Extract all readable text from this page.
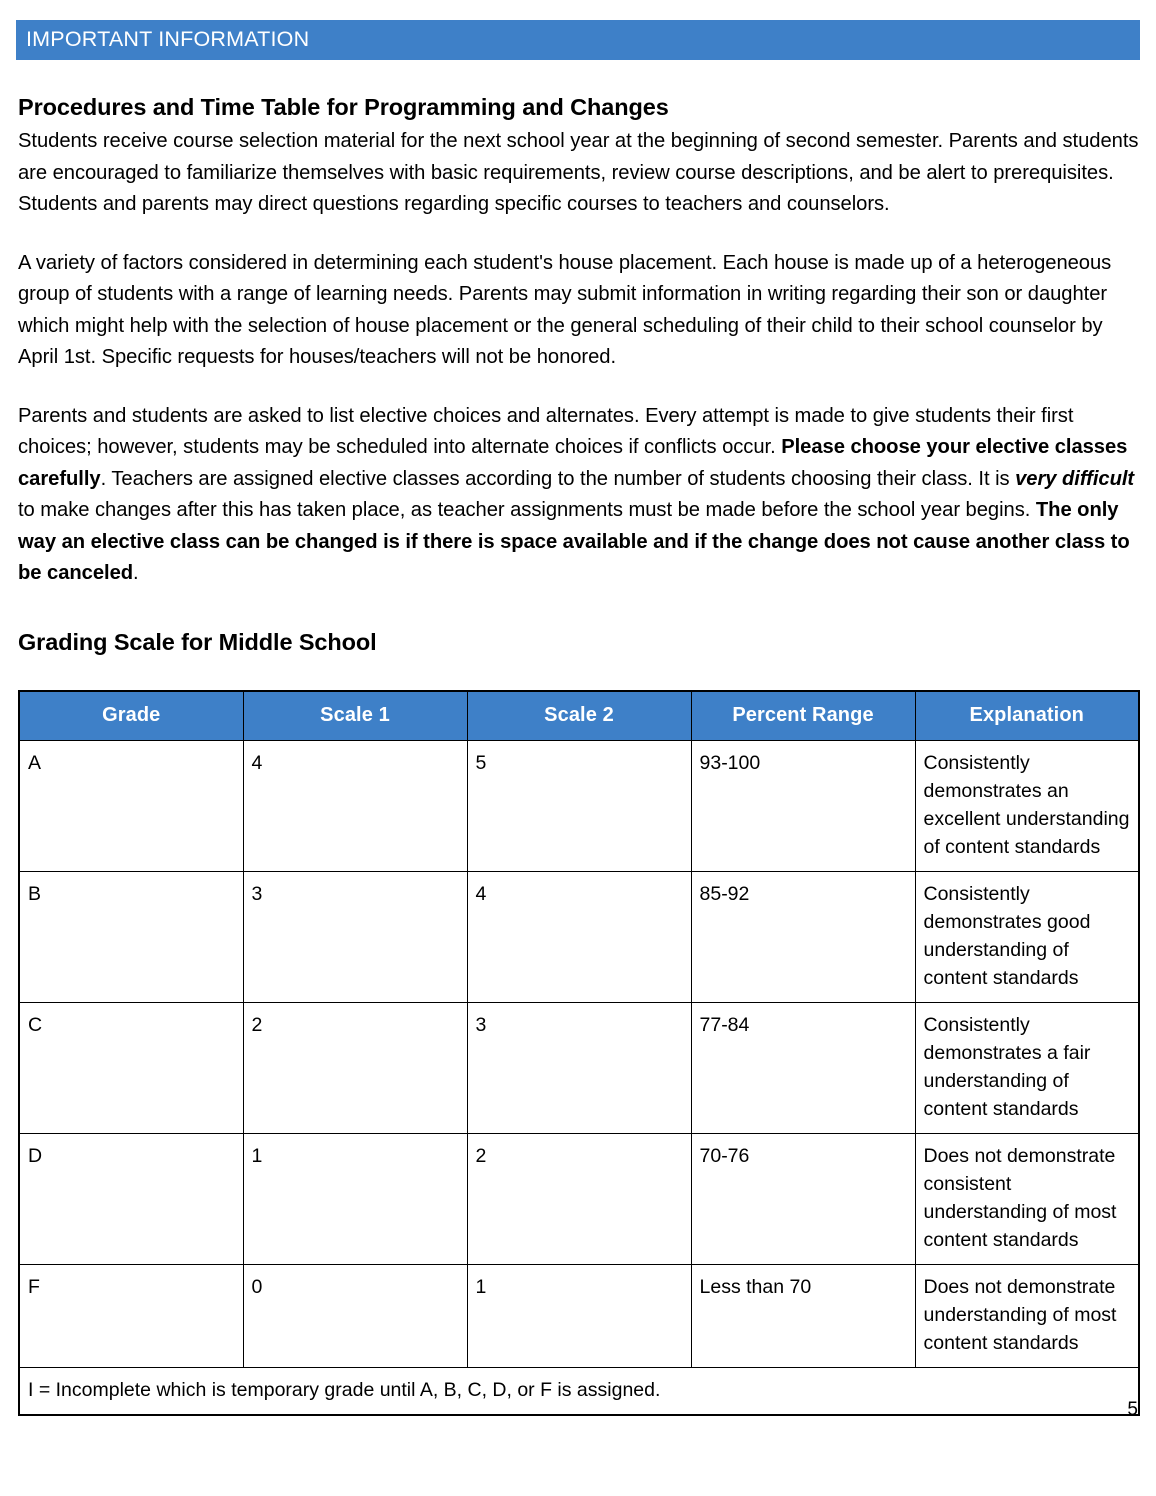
IMPORTANT INFORMATION
Procedures and Time Table for Programming and Changes

Students receive course selection material for the next school year at the beginning of second semester. Parents and students are encouraged to familiarize themselves with basic requirements, review course descriptions, and be alert to prerequisites. Students and parents may direct questions regarding specific courses to teachers and counselors.

A variety of factors considered in determining each student's house placement. Each house is made up of a heterogeneous group of students with a range of learning needs. Parents may submit information in writing regarding their son or daughter which might help with the selection of house placement or the general scheduling of their child to their school counselor by April 1st. Specific requests for houses/teachers will not be honored.

Parents and students are asked to list elective choices and alternates. Every attempt is made to give students their first choices; however, students may be scheduled into alternate choices if conflicts occur. Please choose your elective classes carefully. Teachers are assigned elective classes according to the number of students choosing their class. It is very difficult to make changes after this has taken place, as teacher assignments must be made before the school year begins. The only way an elective class can be changed is if there is space available and if the change does not cause another class to be canceled.

Grading Scale for Middle School
Grade	Scale 1	Scale 2	Percent Range	Explanation
A	4	5	93-100	Consistently demonstrates an excellent understanding of content standards
B	3	4	85-92	Consistently demonstrates good understanding of content standards
C	2	3	77-84	Consistently demonstrates a fair understanding of content standards
D	1	2	70-76	Does not demonstrate consistent understanding of most content standards
F	0	1	Less than 70	Does not demonstrate understanding of most content standards
I = Incomplete which is temporary grade until A, B, C, D, or F is assigned.				
5
